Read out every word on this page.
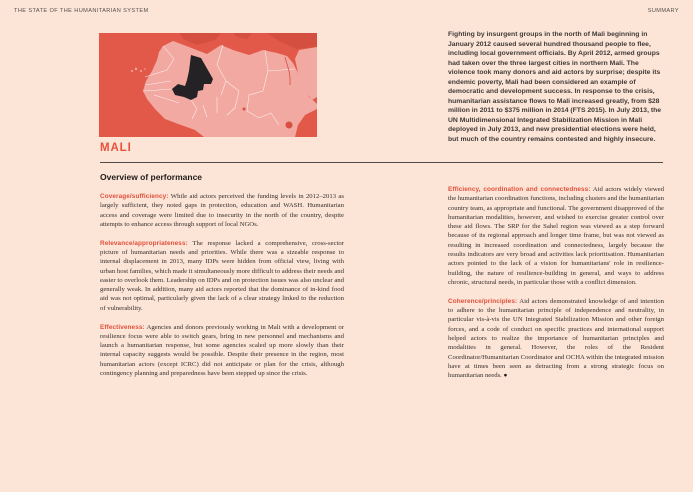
THE STATE OF THE HUMANITARIAN SYSTEM	SUMMARY
MALI
Fighting by insurgent groups in the north of Mali beginning in January 2012 caused several hundred thousand people to flee, including local government officials. By April 2012, armed groups had taken over the three largest cities in northern Mali. The violence took many donors and aid actors by surprise; despite its endemic poverty, Mali had been considered an example of democratic and development success. In response to the crisis, humanitarian assistance flows to Mali increased greatly, from $28 million in 2011 to $375 million in 2014 (FTS 2015). In July 2013, the UN Multidimensional Integrated Stabilization Mission in Mali deployed in July 2013, and new presidential elections were held, but much of the country remains contested and highly insecure.
Overview of performance

Coverage/sufficiency: While aid actors perceived the funding levels in 2012–2013 as largely sufficient, they noted gaps in protection, education and WASH. Humanitarian access and coverage were limited due to insecurity in the north of the country, despite attempts to enhance access through support of local NGOs.

Relevance/appropriateness: The response lacked a comprehensive, cross-sector picture of humanitarian needs and priorities. While there was a sizeable response to internal displacement in 2013, many IDPs were hidden from official view, living with urban host families, which made it simultaneously more difficult to address their needs and easier to overlook them. Leadership on IDPs and on protection issues was also unclear and generally weak. In addition, many aid actors reported that the dominance of in-kind food aid was not optimal, particularly given the lack of a clear strategy linked to the reduction of vulnerability.

Effectiveness: Agencies and donors previously working in Mali with a development or resilience focus were able to switch gears, bring in new personnel and mechanisms and launch a humanitarian response, but some agencies scaled up more slowly than their internal capacity suggests would be possible. Despite their presence in the region, most humanitarian actors (except ICRC) did not anticipate or plan for the crisis, although contingency planning and preparedness have been stepped up since the crisis.

Efficiency, coordination and connectedness: Aid actors widely viewed the humanitarian coordination functions, including clusters and the humanitarian country team, as appropriate and functional. The government disapproved of the humanitarian modalities, however, and wished to exercise greater control over these aid flows. The SRP for the Sahel region was viewed as a step forward because of its regional approach and longer time frame, but was not viewed as resulting in increased coordination and connectedness, largely because the results indicators are very broad and activities lack prioritisation. Humanitarian actors pointed to the lack of a vision for humanitarians' role in resilience-building, the nature of resilience-building in general, and ways to address chronic, structural needs, in particular those with a conflict dimension.

Coherence/principles: Aid actors demonstrated knowledge of and intention to adhere to the humanitarian principle of independence and neutrality, in particular vis-à-vis the UN Integrated Stabilization Mission and other foreign forces, and a code of conduct on specific practices and international support helped actors to realize the importance of humanitarian principles and modalities in general. However, the roles of the Resident Coordinator/Humanitarian Coordinator and OCHA within the integrated mission have at times been seen as detracting from a strong strategic focus on humanitarian needs. ●
